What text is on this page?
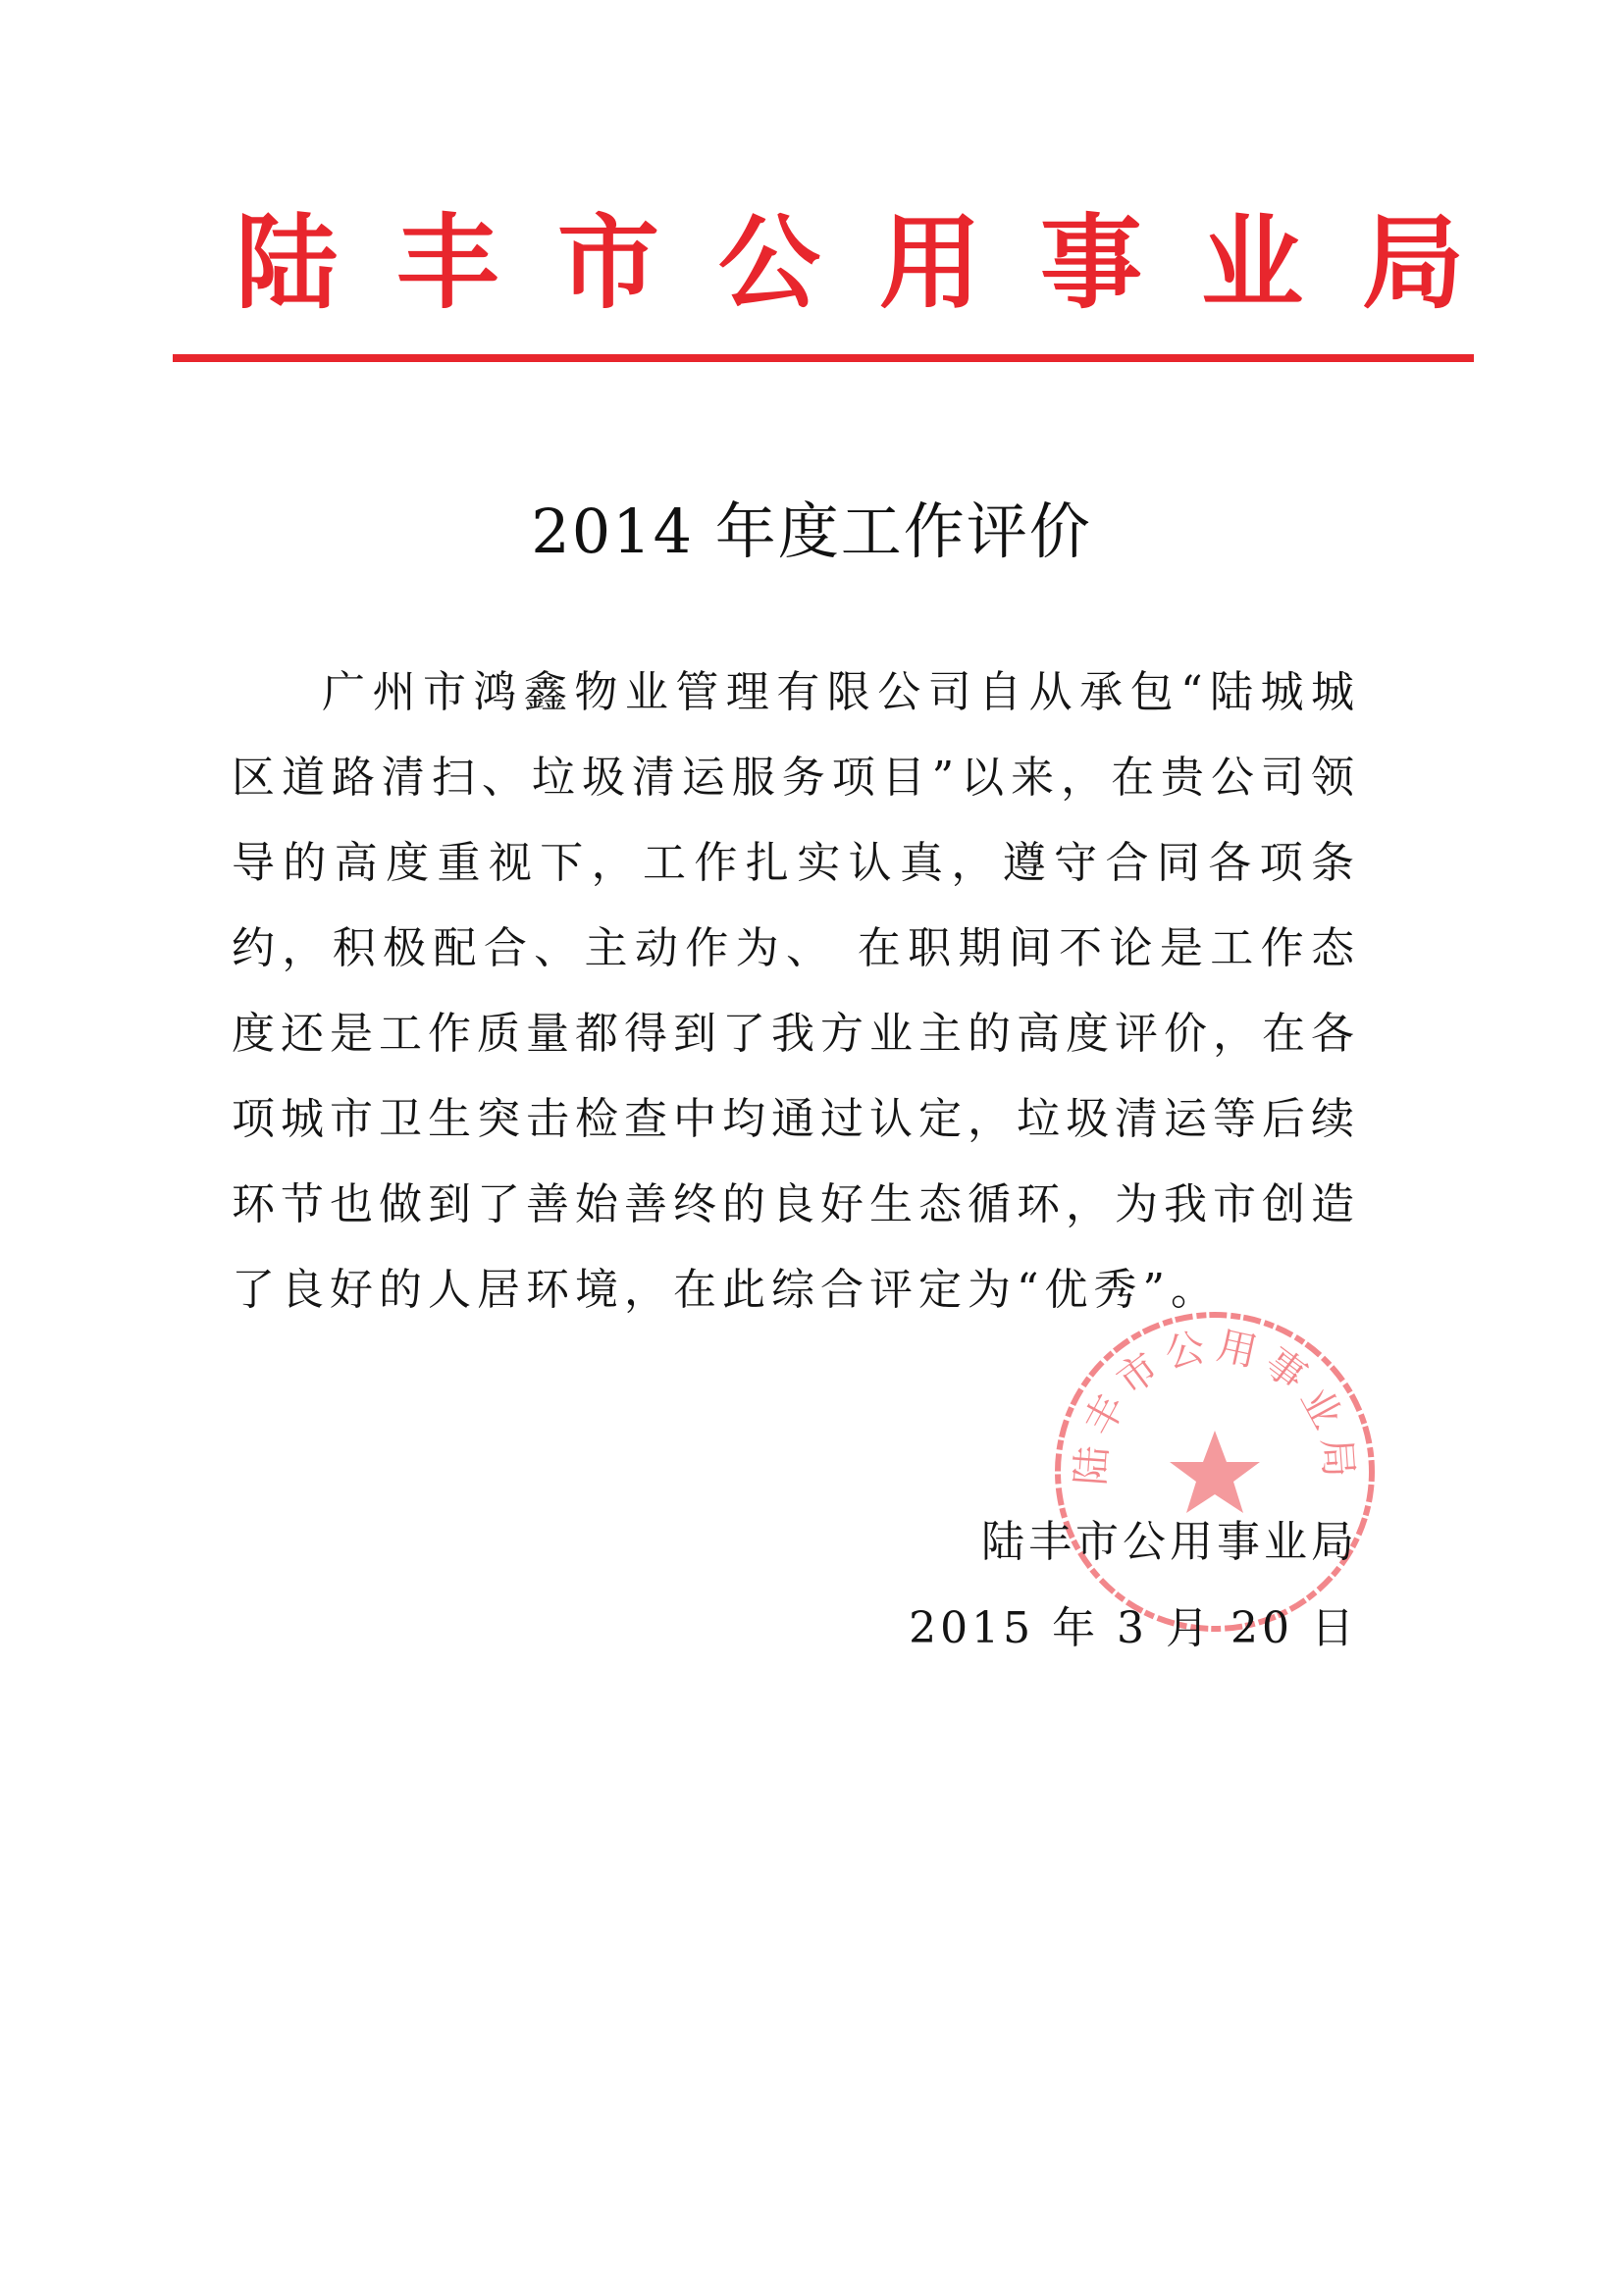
陆丰市公用事业局
2014 年度工作评价

广州市鸿鑫物业管理有限公司自从承包“陆城城区道路清扫、垃圾清运服务项目”以来，在贵公司领导的高度重视下，工作扎实认真，遵守合同各项条约，积极配合、主动作为、 在职期间不论是工作态度还是工作质量都得到了我方业主的高度评价，在各项城市卫生突击检查中均通过认定，垃圾清运等后续环节也做到了善始善终的良好生态循环，为我市创造了良好的人居环境，在此综合评定为“优秀”。

陆丰市公用事业局
陆丰市公用事业局
2015 年 3 月 20 日
